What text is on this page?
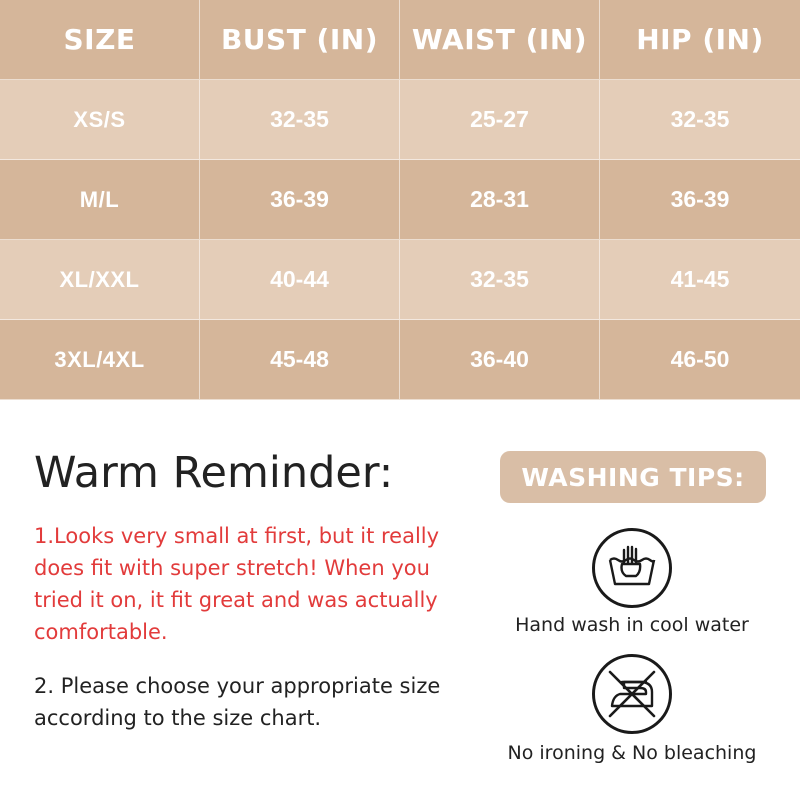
SIZE	BUST (IN)	WAIST (IN)	HIP (IN)
XS/S	32-35	25-27	32-35
M/L	36-39	28-31	36-39
XL/XXL	40-44	32-35	41-45
3XL/4XL	45-48	36-40	46-50
Warm Reminder:
1.Looks very small at first, but it really does fit with super stretch! When you tried it on, it fit great and was actually comfortable.
2. Please choose your appropriate size according to the size chart.
WASHING TIPS:
Hand wash in cool water
No ironing & No bleaching
